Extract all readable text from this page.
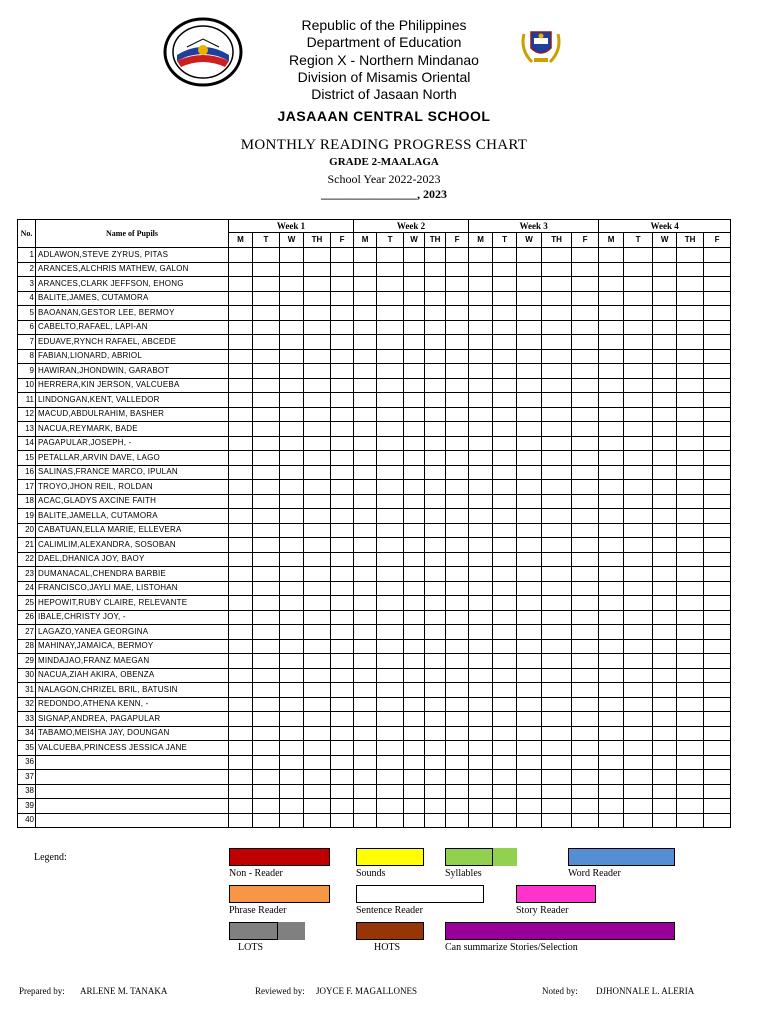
Republic of the Philippines
Department of Education
Region X - Northern Mindanao
Division of Misamis Oriental
District of Jasaan North
JASAAAN CENTRAL SCHOOL
MONTHLY READING PROGRESS CHART
GRADE 2-MAALAGA
School Year 2022-2023
________________, 2023
No.	Name of Pupils	Week 1					Week 2					Week 3					Week 4				
		M	T	W	TH	F	M	T	W	TH	F	M	T	W	TH	F	M	T	W	TH	F
1	ADLAWON,STEVE ZYRUS, PITAS																				
2	ARANCES,ALCHRIS MATHEW, GALON																				
3	ARANCES,CLARK JEFFSON, EHONG																				
4	BALITE,JAMES, CUTAMORA																				
5	BAOANAN,GESTOR LEE, BERMOY																				
6	CABELTO,RAFAEL, LAPI-AN																				
7	EDUAVE,RYNCH RAFAEL, ABCEDE																				
8	FABIAN,LIONARD, ABRIOL																				
9	HAWIRAN,JHONDWIN, GARABOT																				
10	HERRERA,KIN JERSON, VALCUEBA																				
11	LINDONGAN,KENT, VALLEDOR																				
12	MACUD,ABDULRAHIM, BASHER																				
13	NACUA,REYMARK, BADE																				
14	PAGAPULAR,JOSEPH, -																				
15	PETALLAR,ARVIN DAVE, LAGO																				
16	SALINAS,FRANCE MARCO, IPULAN																				
17	TROYO,JHON REIL, ROLDAN																				
18	ACAC,GLADYS AXCINE FAITH																				
19	BALITE,JAMELLA, CUTAMORA																				
20	CABATUAN,ELLA MARIE, ELLEVERA																				
21	CALIMLIM,ALEXANDRA, SOSOBAN																				
22	DAEL,DHANICA JOY, BAOY																				
23	DUMANACAL,CHENDRA BARBIE																				
24	FRANCISCO,JAYLI MAE, LISTOHAN																				
25	HEPOWIT,RUBY CLAIRE, RELEVANTE																				
26	IBALE,CHRISTY JOY, -																				
27	LAGAZO,YANEA GEORGINA																				
28	MAHINAY,JAMAICA, BERMOY																				
29	MINDAJAO,FRANZ MAEGAN																				
30	NACUA,ZIAH AKIRA, OBENZA																				
31	NALAGON,CHRIZEL BRIL, BATUSIN																				
32	REDONDO,ATHENA KENN, -																				
33	SIGNAP,ANDREA, PAGAPULAR																				
34	TABAMO,MEISHA JAY, DOUNGAN																				
35	VALCUEBA,PRINCESS JESSICA JANE																				
36																					
37																					
38																					
39																					
40																					
Legend:
Non - Reader	Sounds	Syllables	Word Reader
Phrase Reader	Sentence Reader	Story Reader
LOTS	HOTS	Can summarize Stories/Selection
Prepared by: ARLENE M. TANAKA	Reviewed by: JOYCE F. MAGALLONES	Noted by: DJHONNALE L. ALERIA
